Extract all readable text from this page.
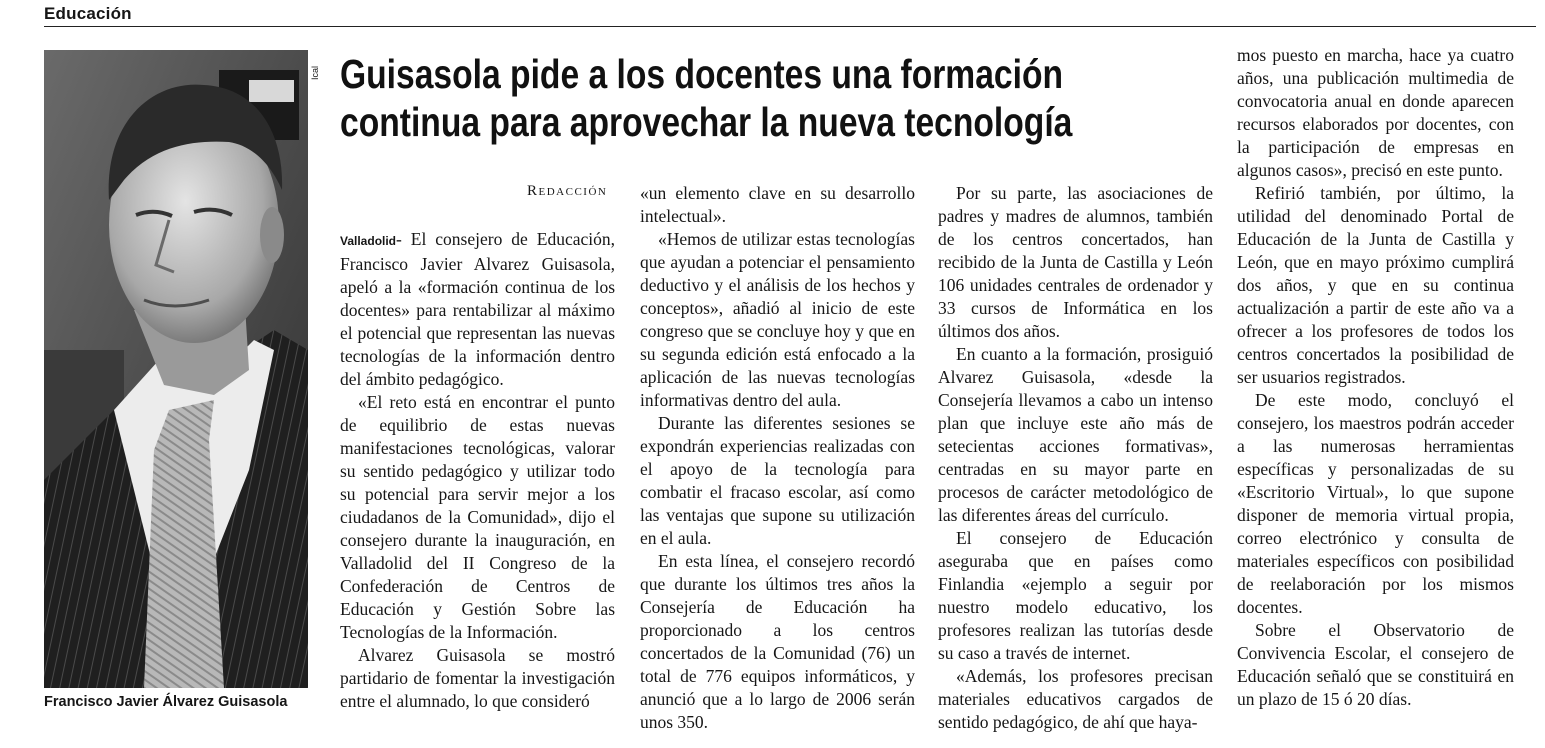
Educación
Francisco Javier Álvarez Guisasola
Ical Guisasola pide a los docentes una formación
continua para aprovechar la nueva tecnología
Redacción

Valladolid- El consejero de Educación, Francisco Javier Alvarez Guisasola, apeló a la «formación continua de los docentes» para rentabilizar al máximo el potencial que representan las nuevas tecnologías de la información dentro del ámbito pedagógico.

«El reto está en encontrar el punto de equilibrio de estas nuevas manifestaciones tecnológicas, valorar su sentido pedagógico y utilizar todo su potencial para servir mejor a los ciudadanos de la Comunidad», dijo el consejero durante la inauguración, en Valladolid del II Congreso de la Confederación de Centros de Educación y Gestión Sobre las Tecnologías de la Información.

Alvarez Guisasola se mostró partidario de fomentar la investigación entre el alumnado, lo que consideró

«un elemento clave en su desarrollo intelectual».

«Hemos de utilizar estas tecnologías que ayudan a potenciar el pensamiento deductivo y el análisis de los hechos y conceptos», añadió al inicio de este congreso que se concluye hoy y que en su segunda edición está enfocado a la aplicación de las nuevas tecnologías informativas dentro del aula.

Durante las diferentes sesiones se expondrán experiencias realizadas con el apoyo de la tecnología para combatir el fracaso escolar, así como las ventajas que supone su utilización en el aula.

En esta línea, el consejero recordó que durante los últimos tres años la Consejería de Educación ha proporcionado a los centros concertados de la Comunidad (76) un total de 776 equipos informáticos, y anunció que a lo largo de 2006 serán unos 350.

Por su parte, las asociaciones de padres y madres de alumnos, también de los centros concertados, han recibido de la Junta de Castilla y León 106 unidades centrales de ordenador y 33 cursos de Informática en los últimos dos años.

En cuanto a la formación, prosiguió Alvarez Guisasola, «desde la Consejería llevamos a cabo un intenso plan que incluye este año más de setecientas acciones formativas», centradas en su mayor parte en procesos de carácter metodológico de las diferentes áreas del currículo.

El consejero de Educación aseguraba que en países como Finlandia «ejemplo a seguir por nuestro modelo educativo, los profesores realizan las tutorías desde su caso a través de internet.

«Además, los profesores precisan materiales educativos cargados de sentido pedagógico, de ahí que haya-

mos puesto en marcha, hace ya cuatro años, una publicación multimedia de convocatoria anual en donde aparecen recursos elaborados por docentes, con la participación de empresas en algunos casos», precisó en este punto.

Refirió también, por último, la utilidad del denominado Portal de Educación de la Junta de Castilla y León, que en mayo próximo cumplirá dos años, y que en su continua actualización a partir de este año va a ofrecer a los profesores de todos los centros concertados la posibilidad de ser usuarios registrados.

De este modo, concluyó el consejero, los maestros podrán acceder a las numerosas herramientas específicas y personalizadas de su «Escritorio Virtual», lo que supone disponer de memoria virtual propia, correo electrónico y consulta de materiales específicos con posibilidad de reelaboración por los mismos docentes.

Sobre el Observatorio de Convivencia Escolar, el consejero de Educación señaló que se constituirá en un plazo de 15 ó 20 días.
